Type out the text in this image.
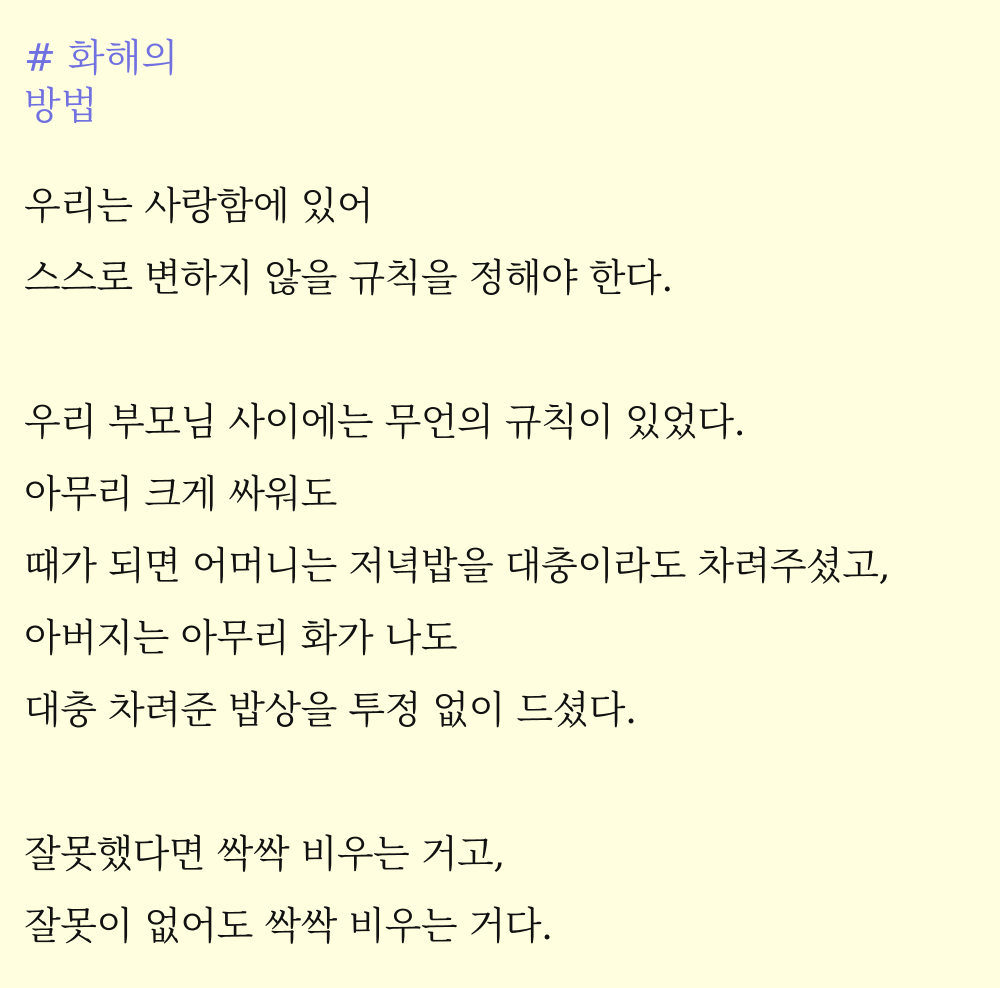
# 화해의
방법
우리는 사랑함에 있어
스스로 변하지 않을 규칙을 정해야 한다.
우리 부모님 사이에는 무언의 규칙이 있었다.
아무리 크게 싸워도
때가 되면 어머니는 저녁밥을 대충이라도 차려주셨고,
아버지는 아무리 화가 나도
대충 차려준 밥상을 투정 없이 드셨다.
잘못했다면 싹싹 비우는 거고,
잘못이 없어도 싹싹 비우는 거다.
